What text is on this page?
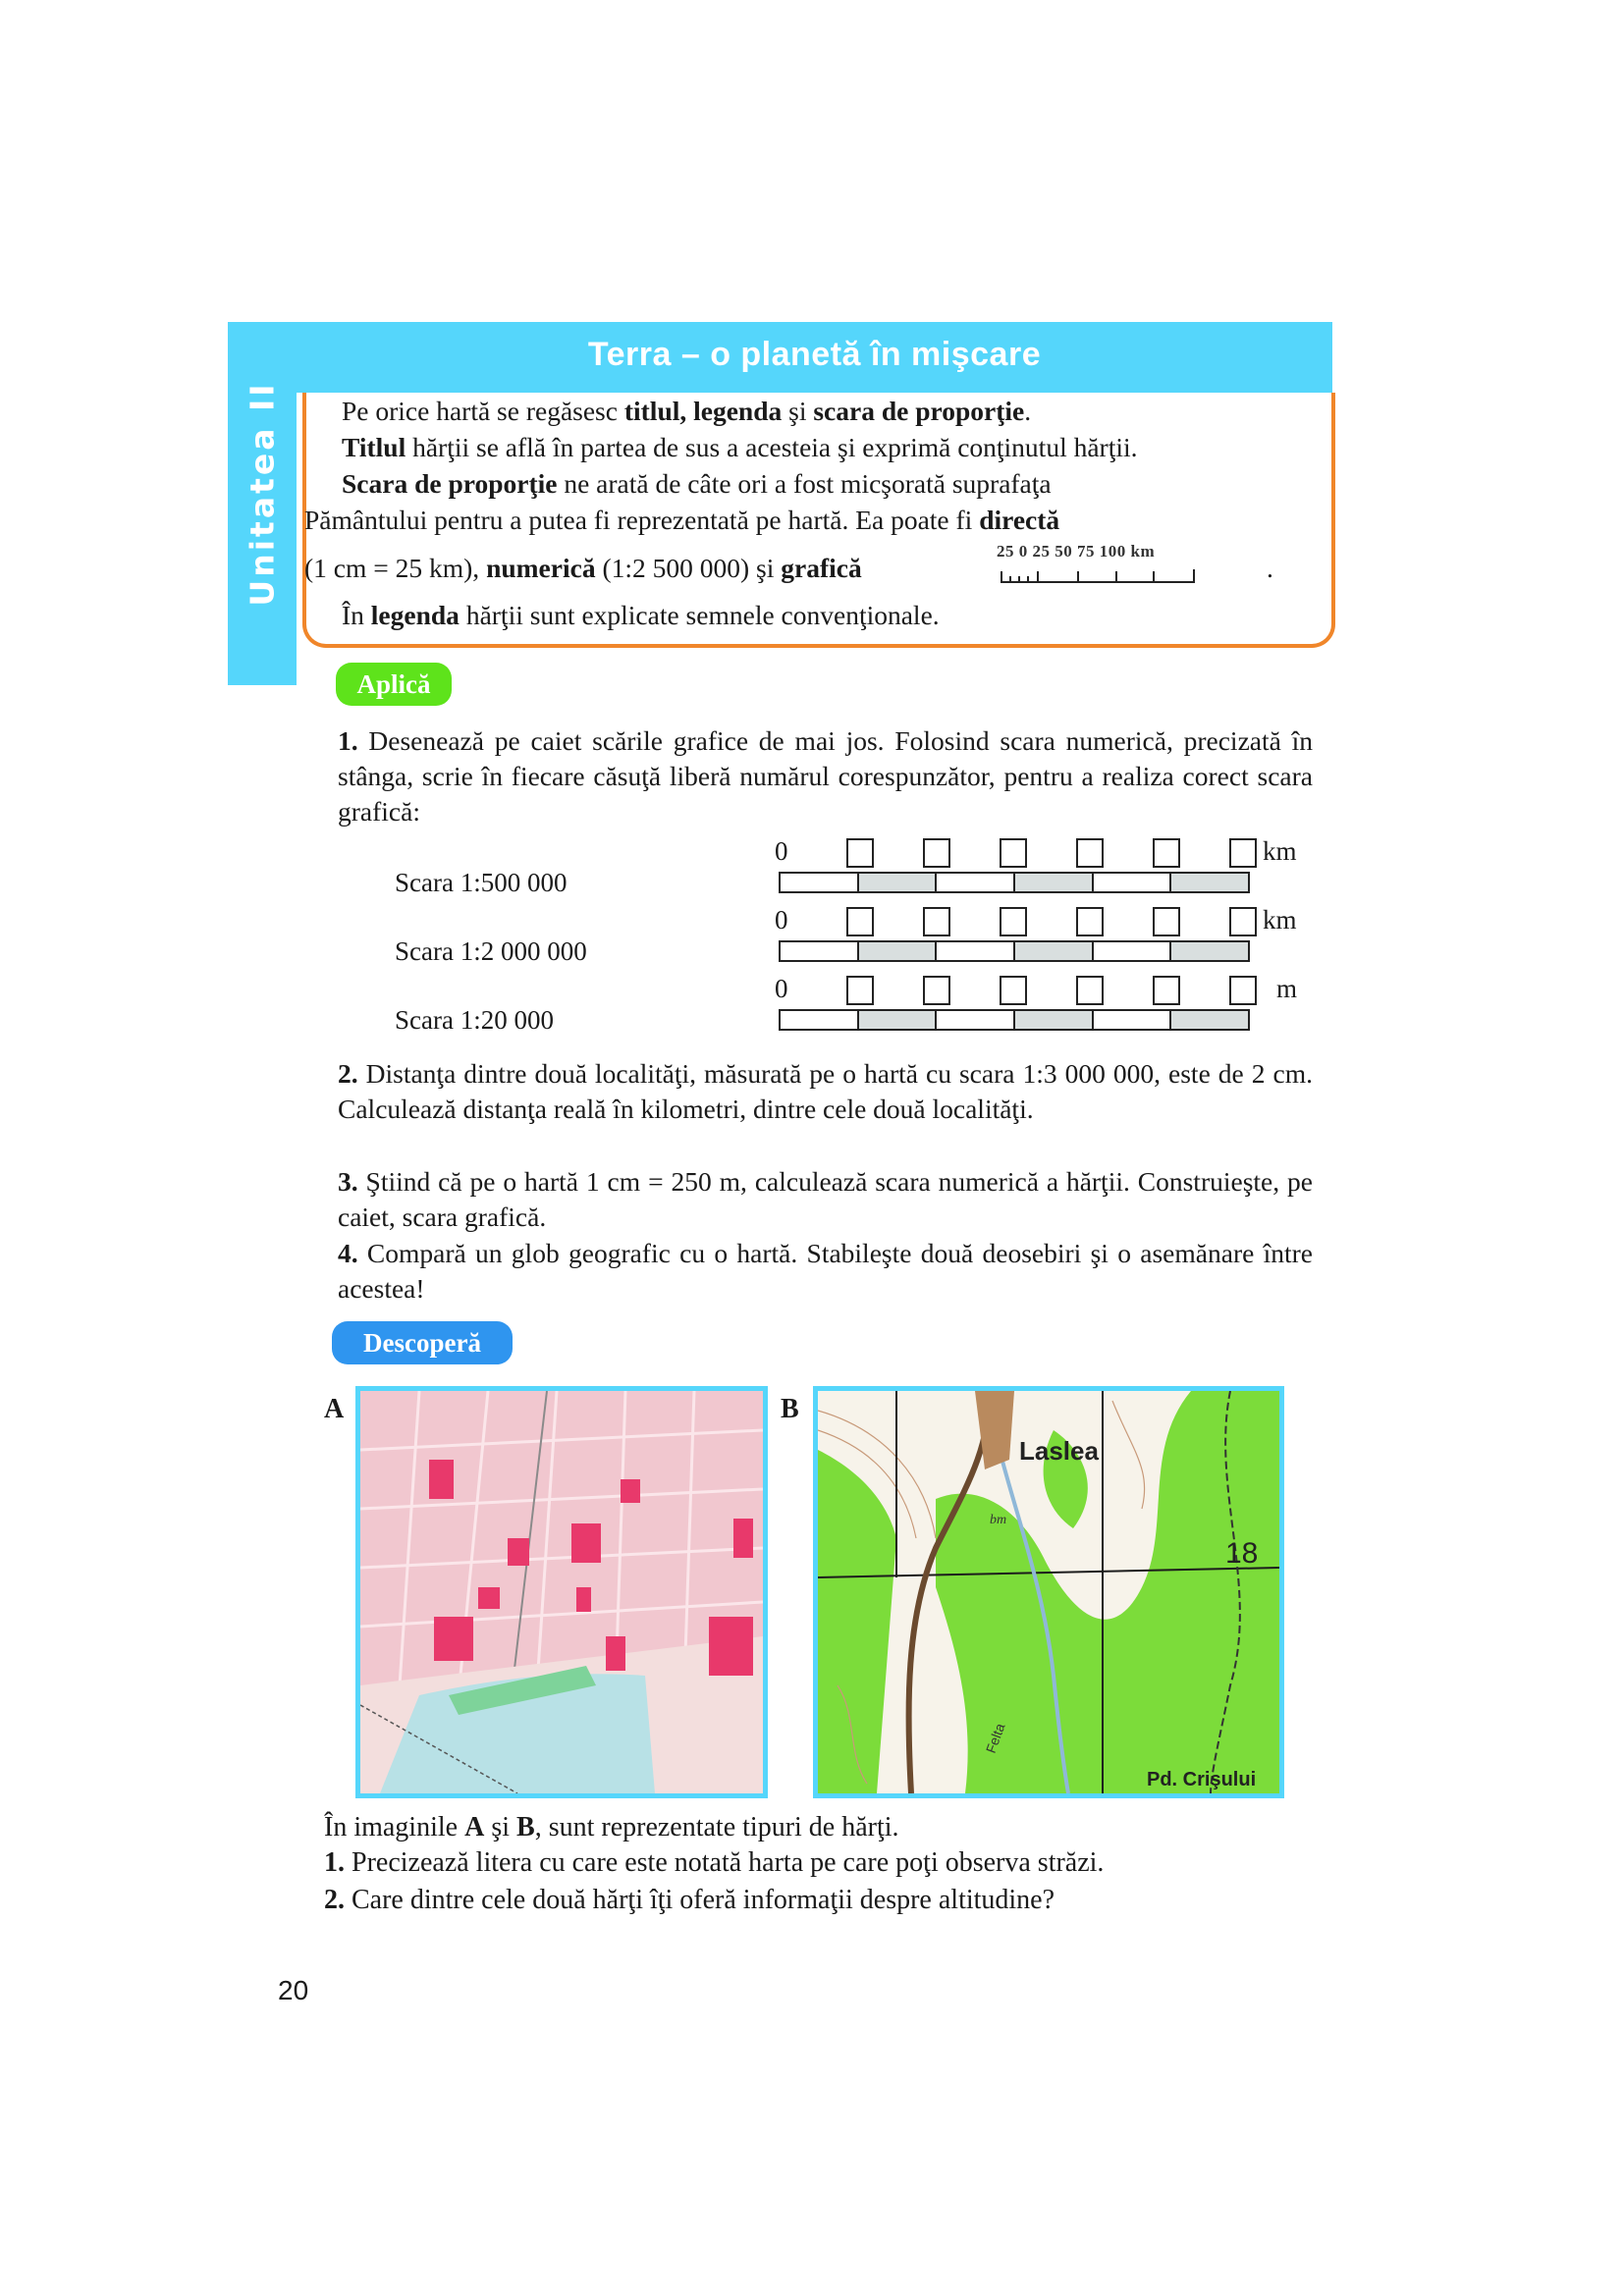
Unitatea II
Terra – o planetă în mişcare
Pe orice hartă se regăsesc titlul, legenda şi scara de proporţie.
Titlul hărţii se află în partea de sus a acesteia şi exprimă conţinutul hărţii.
Scara de proporţie ne arată de câte ori a fost micşorată suprafaţa
Pământului pentru a putea fi reprezentată pe hartă. Ea poate fi directă
(1 cm = 25 km), numerică (1:2 500 000) şi grafică	.
25 0 25 50 75 100 km
În legenda hărţii sunt explicate semnele convenţionale.
Aplică
1. Desenează pe caiet scările grafice de mai jos. Folosind scara numerică, precizată în stânga, scrie în fiecare căsuţă liberă numărul corespunzător, pentru a realiza corect scara grafică:
Scara 1:500 000
0	km
Scara 1:2 000 000
0	km
Scara 1:20 000
0	m
2. Distanţa dintre două localităţi, măsurată pe o hartă cu scara 1:3 000 000, este de 2 cm. Calculează distanţa reală în kilometri, dintre cele două localităţi.
3. Ştiind că pe o hartă 1 cm = 250 m, calculează scara numerică a hărţii. Construieşte, pe caiet, scara grafică.
4. Compară un glob geografic cu o hartă. Stabileşte două deosebiri şi o asemănare între acestea!
Descoperă
A	B
Laslea
18
bm
Pd. Crişului
Felta
În imaginile A şi B, sunt reprezentate tipuri de hărţi.
1. Precizează litera cu care este notată harta pe care poţi observa străzi.
2. Care dintre cele două hărţi îţi oferă informaţii despre altitudine?
20
